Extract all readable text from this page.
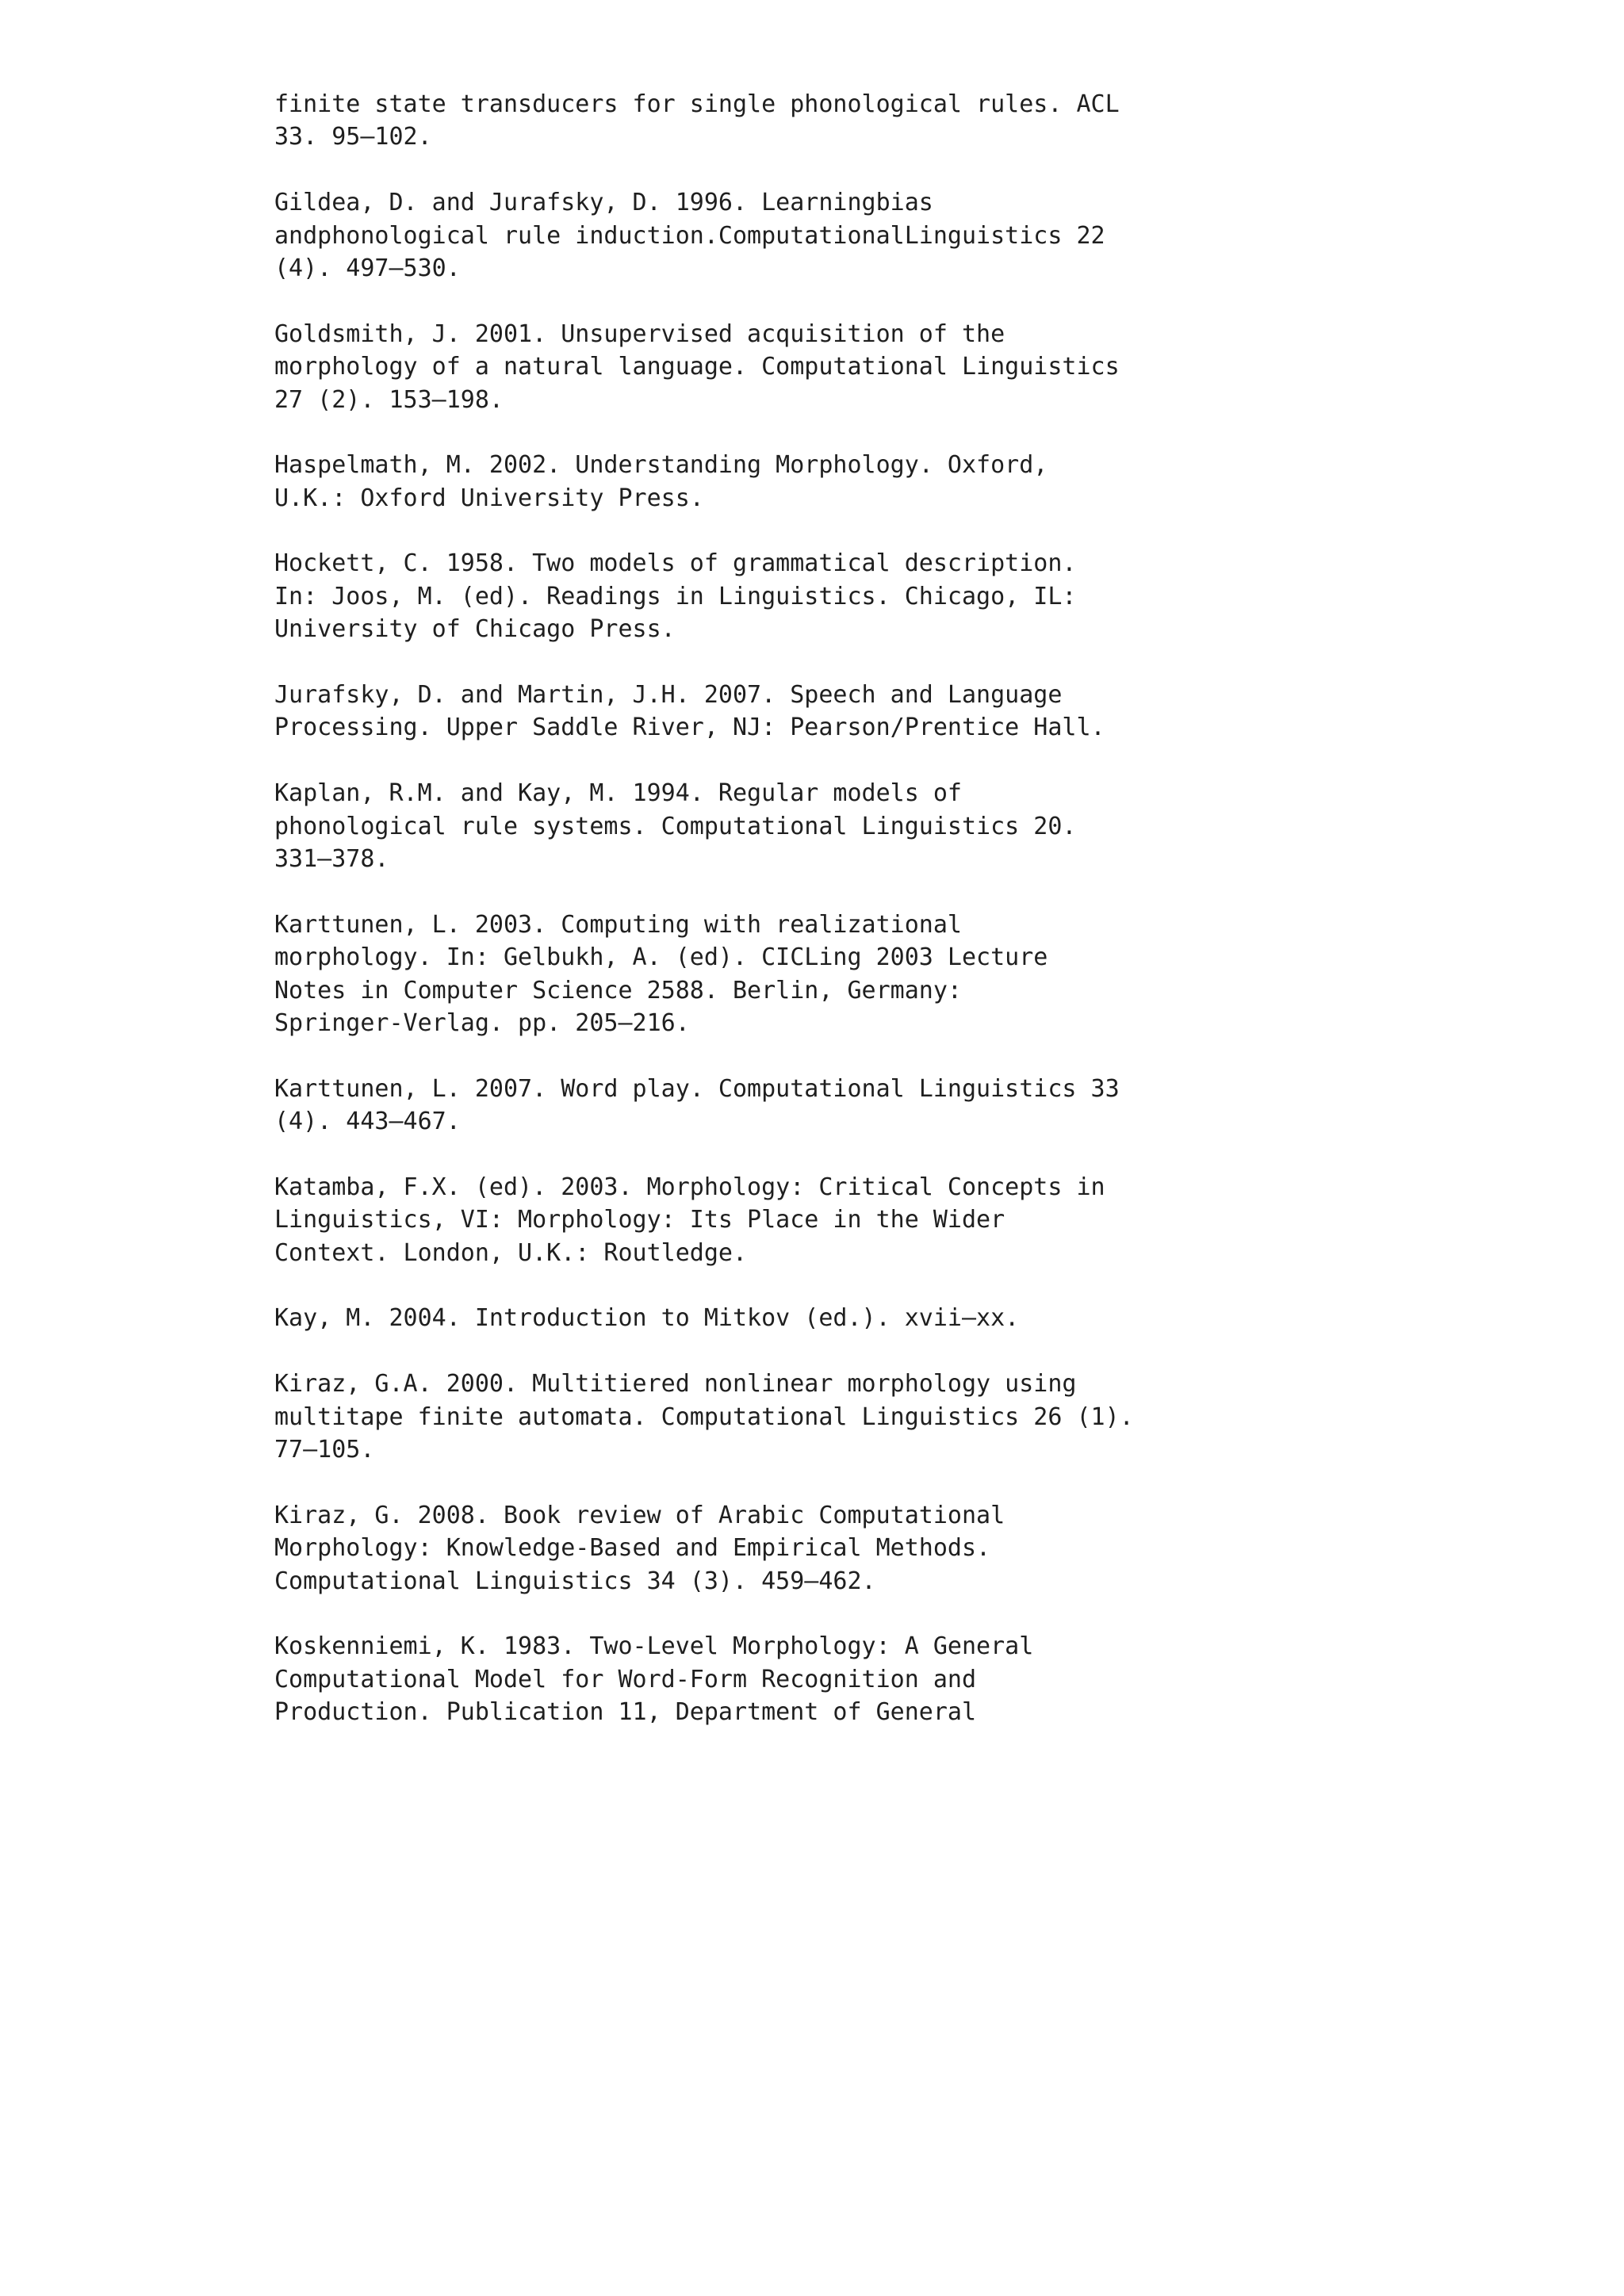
finite state transducers for single phonological rules. ACL
33. 95–102.
Gildea, D. and Jurafsky, D. 1996. Learningbias
andphonological rule induction.ComputationalLinguistics 22
(4). 497–530.
Goldsmith, J. 2001. Unsupervised acquisition of the
morphology of a natural language. Computational Linguistics
27 (2). 153–198.
Haspelmath, M. 2002. Understanding Morphology. Oxford,
U.K.: Oxford University Press.
Hockett, C. 1958. Two models of grammatical description.
In: Joos, M. (ed). Readings in Linguistics. Chicago, IL:
University of Chicago Press.
Jurafsky, D. and Martin, J.H. 2007. Speech and Language
Processing. Upper Saddle River, NJ: Pearson/Prentice Hall.
Kaplan, R.M. and Kay, M. 1994. Regular models of
phonological rule systems. Computational Linguistics 20.
331–378.
Karttunen, L. 2003. Computing with realizational
morphology. In: Gelbukh, A. (ed). CICLing 2003 Lecture
Notes in Computer Science 2588. Berlin, Germany:
Springer-Verlag. pp. 205–216.
Karttunen, L. 2007. Word play. Computational Linguistics 33
(4). 443–467.
Katamba, F.X. (ed). 2003. Morphology: Critical Concepts in
Linguistics, VI: Morphology: Its Place in the Wider
Context. London, U.K.: Routledge.
Kay, M. 2004. Introduction to Mitkov (ed.). xvii–xx.
Kiraz, G.A. 2000. Multitiered nonlinear morphology using
multitape finite automata. Computational Linguistics 26 (1).
77–105.
Kiraz, G. 2008. Book review of Arabic Computational
Morphology: Knowledge-Based and Empirical Methods.
Computational Linguistics 34 (3). 459–462.
Koskenniemi, K. 1983. Two-Level Morphology: A General
Computational Model for Word-Form Recognition and
Production. Publication 11, Department of General
